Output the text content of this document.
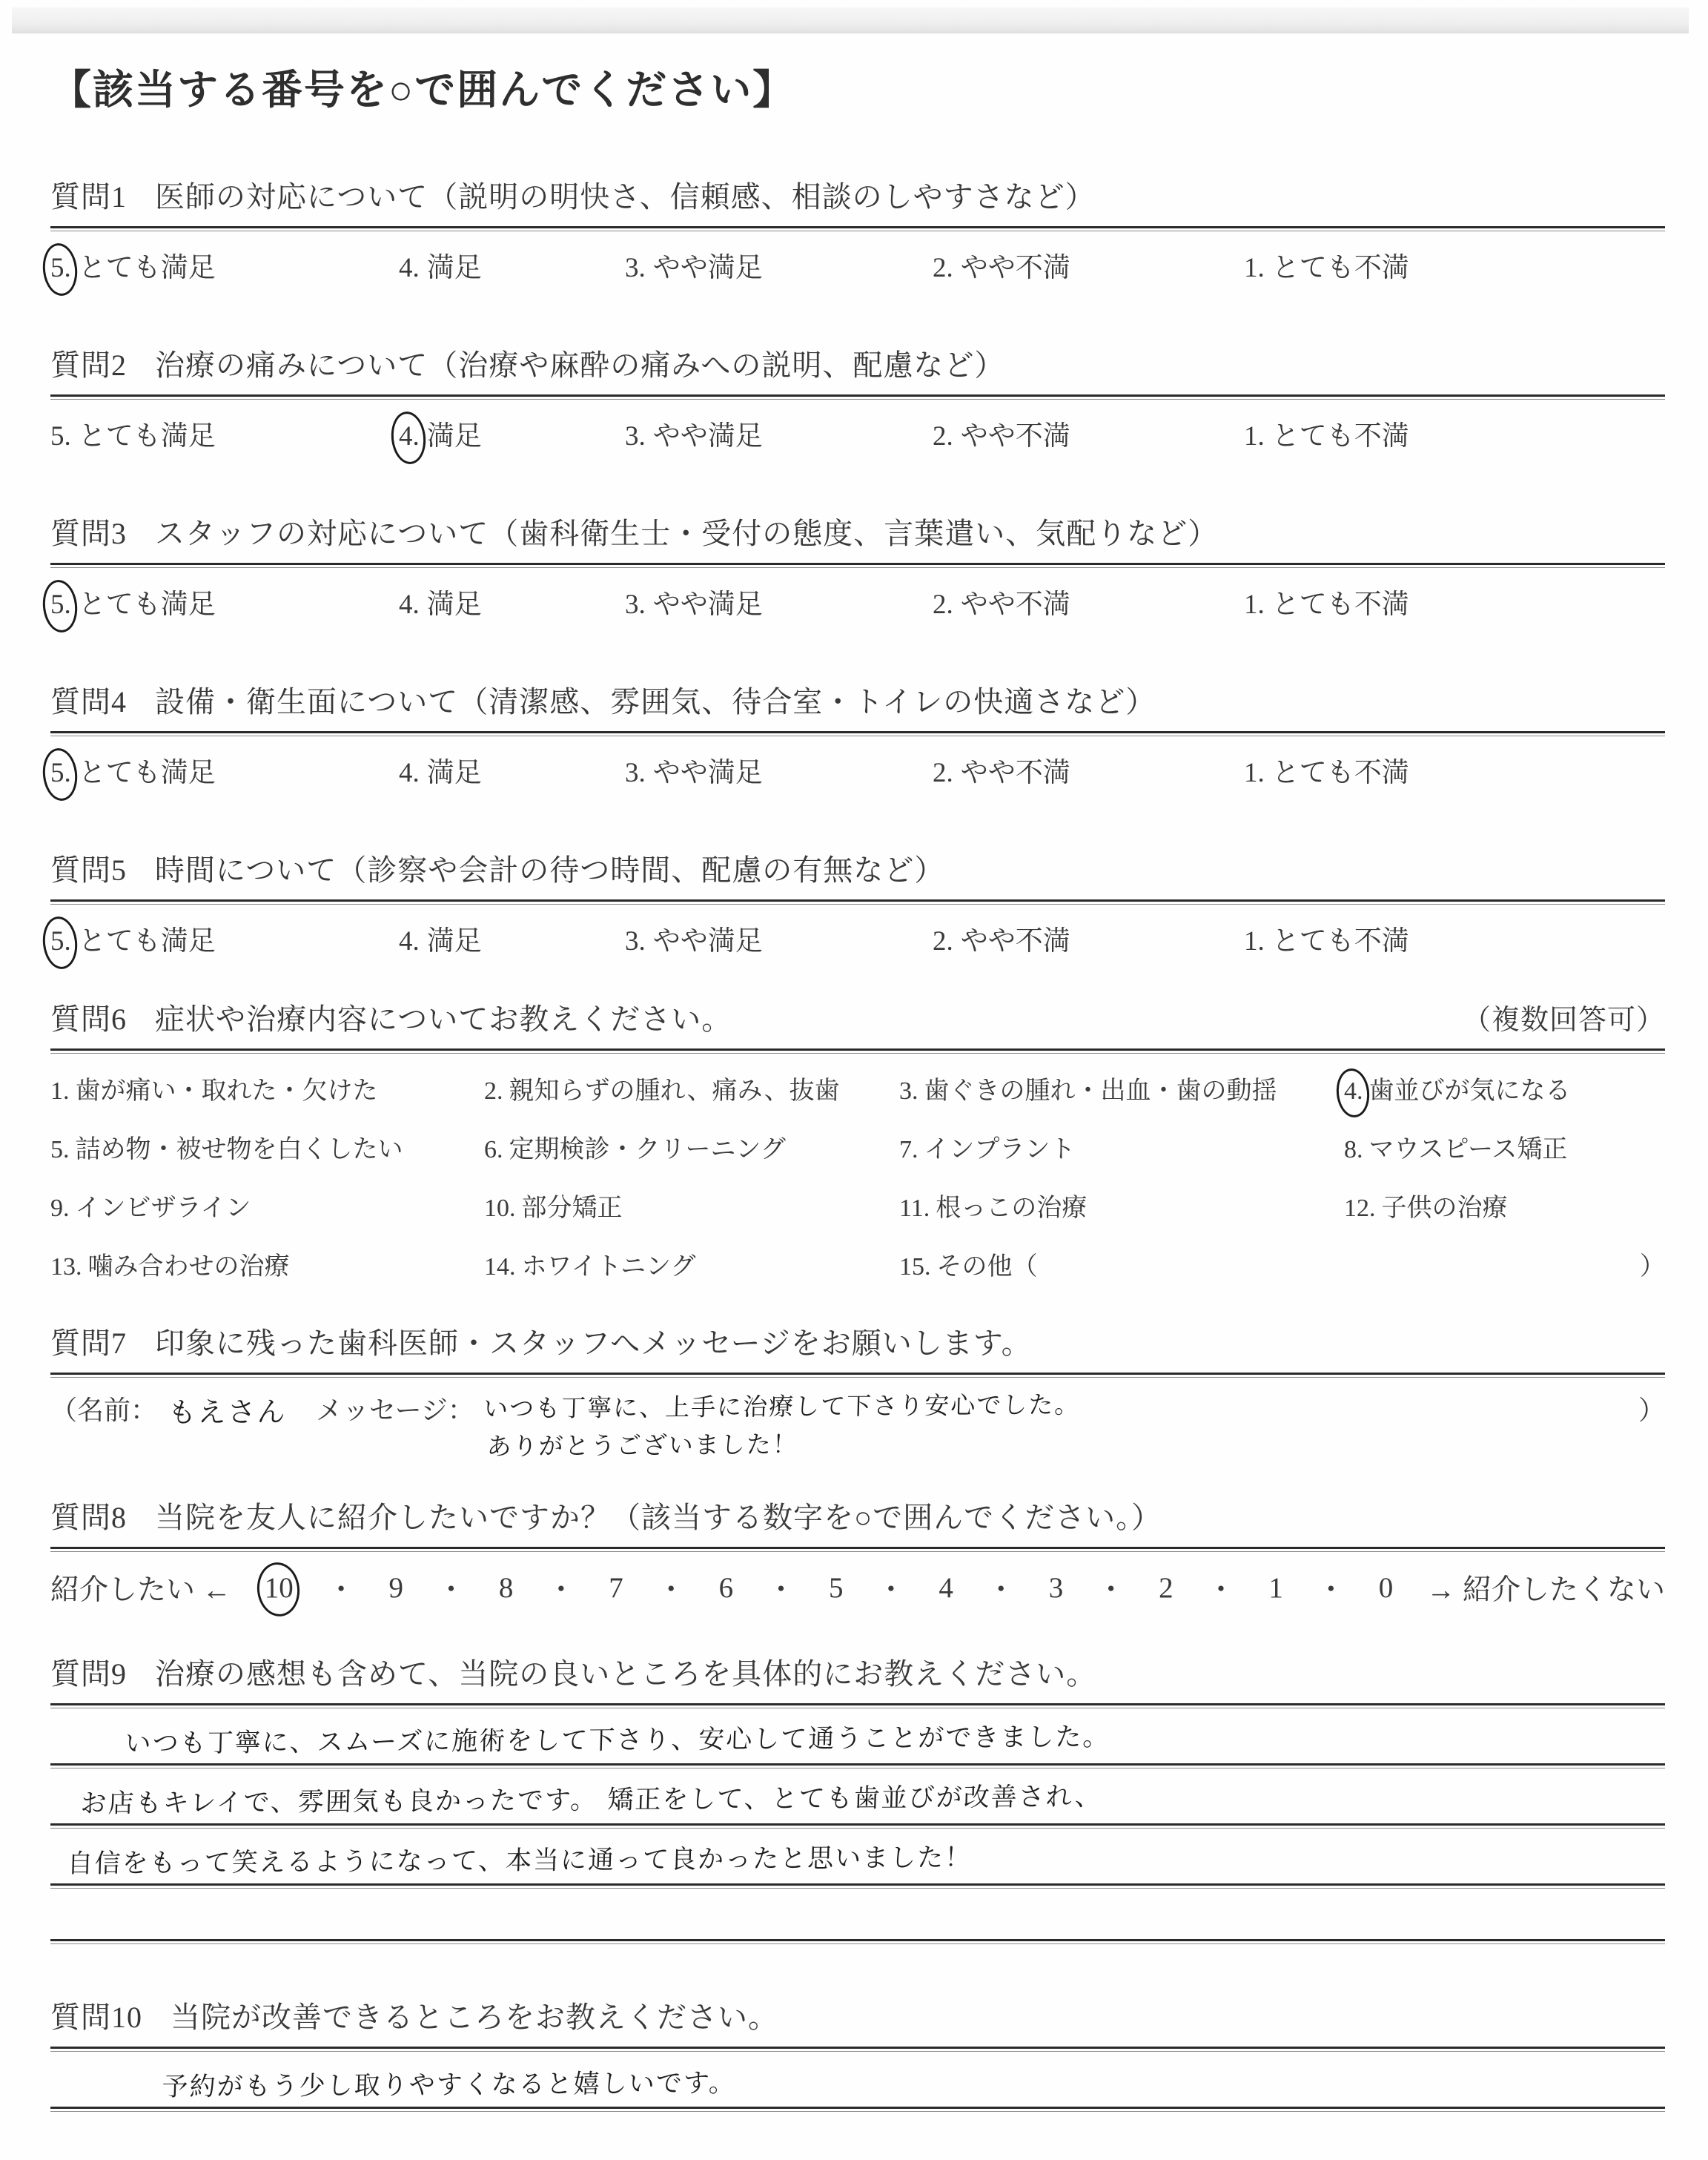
【該当する番号を○で囲んでください】
質問1 医師の対応について（説明の明快さ、信頼感、相談のしやすさなど）
5. とても満足	4. 満足	3. やや満足	2. やや不満	1. とても不満
質問2 治療の痛みについて（治療や麻酔の痛みへの説明、配慮など）
5. とても満足	4. 満足	3. やや満足	2. やや不満	1. とても不満
質問3 スタッフの対応について（歯科衛生士・受付の態度、言葉遣い、気配りなど）
5. とても満足	4. 満足	3. やや満足	2. やや不満	1. とても不満
質問4 設備・衛生面について（清潔感、雰囲気、待合室・トイレの快適さなど）
5. とても満足	4. 満足	3. やや満足	2. やや不満	1. とても不満
質問5 時間について（診察や会計の待つ時間、配慮の有無など）
5. とても満足	4. 満足	3. やや満足	2. やや不満	1. とても不満
質問6 症状や治療内容についてお教えください。	（複数回答可）
1. 歯が痛い・取れた・欠けた	2. 親知らずの腫れ、痛み、抜歯 3. 歯ぐきの腫れ・出血・歯の動揺	4. 歯並びが気になる
5. 詰め物・被せ物を白くしたい	6. 定期検診・クリーニング	7. インプラント	8. マウスピース矯正
9. インビザライン	10. 部分矯正	11. 根っこの治療	12. 子供の治療
13. 噛み合わせの治療	14. ホワイトニング	15. その他（	）
質問7 印象に残った歯科医師・スタッフへメッセージをお願いします。
（名前： もえさん メッセージ： いつも丁寧に、上手に治療して下さり安心でした。
ありがとうございました！
）
質問8 当院を友人に紹介したいですか？（該当する数字を○で囲んでください。）
紹介したい ← 10 ・ 9 ・ 8 ・ 7 ・ 6 ・ 5 ・ 4 ・ 3 ・ 2 ・ 1 ・ 0 → 紹介したくない
質問9 治療の感想も含めて、当院の良いところを具体的にお教えください。
いつも丁寧に、スムーズに施術をして下さり、安心して通うことができました。
お店もキレイで、雰囲気も良かったです。 矯正をして、とても歯並びが改善され、
自信をもって笑えるようになって、本当に通って良かったと思いました！
質問10 当院が改善できるところをお教えください。
予約がもう少し取りやすくなると嬉しいです。
